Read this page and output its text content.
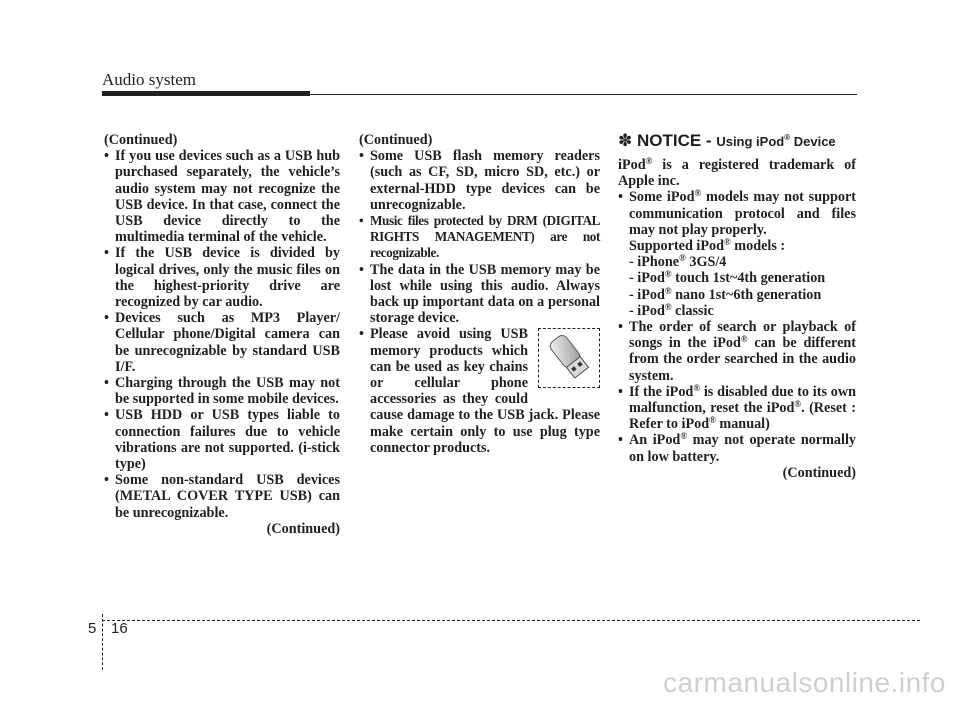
Audio system

(Continued)

• If you use devices such as a USB hub purchased separately, the vehicle’s audio system may not recognize the USB device. In that case, connect the USB device directly to the multimedia terminal of the vehicle.

• If the USB device is divided by logical drives, only the music files on the highest-priority drive are recognized by car audio.

• Devices such as MP3 Player/ Cellular phone/Digital camera can be unrecognizable by standard USB I/F.

• Charging through the USB may not be supported in some mobile devices.

• USB HDD or USB types liable to connection failures due to vehicle vibrations are not supported. (i-stick type)

• Some non-standard USB devices (METAL COVER TYPE USB) can be unrecognizable.

(Continued)

(Continued)

• Some USB flash memory readers (such as CF, SD, micro SD, etc.) or external-HDD type devices can be unrecognizable.

• Music files protected by DRM (DIGITAL RIGHTS MANAGEMENT) are not recognizable.

• The data in the USB memory may be lost while using this audio. Always back up important data on a personal storage device.

• Please avoid using USB memory products which can be used as key chains or cellular phone accessories as they could cause damage to the USB jack. Please make certain only to use plug type connector products.
✽ NOTICE - Using iPod® Device

iPod® is a registered trademark of Apple inc.

• Some iPod® models may not support communication protocol and files may not play properly.

Supported iPod® models :

- iPhone® 3GS/4

- iPod® touch 1st~4th generation

- iPod® nano 1st~6th generation

- iPod® classic

• The order of search or playback of songs in the iPod® can be different from the order searched in the audio system.

• If the iPod® is disabled due to its own malfunction, reset the iPod®. (Reset : Refer to iPod® manual)

• An iPod® may not operate normally on low battery.

(Continued)

5 16
carmanualsonline.info
